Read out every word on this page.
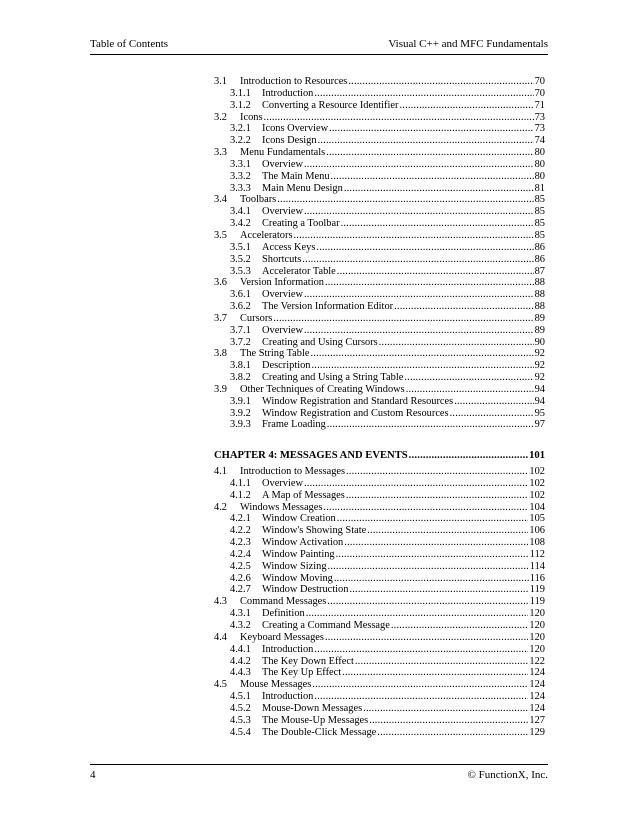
Table of Contents	Visual C++ and MFC Fundamentals
3.1	Introduction to Resources .....	70
3.1.1	Introduction .....	70
3.1.2	Converting a Resource Identifier .....	71
3.2	Icons .....	73
3.2.1	Icons Overview .....	73
3.2.2	Icons Design .....	74
3.3	Menu Fundamentals .....	80
3.3.1	Overview .....	80
3.3.2	The Main Menu .....	80
3.3.3	Main Menu Design .....	81
3.4	Toolbars .....	85
3.4.1	Overview .....	85
3.4.2	Creating a Toolbar .....	85
3.5	Accelerators .....	85
3.5.1	Access Keys .....	86
3.5.2	Shortcuts .....	86
3.5.3	Accelerator Table .....	87
3.6	Version Information .....	88
3.6.1	Overview .....	88
3.6.2	The Version Information Editor .....	88
3.7	Cursors .....	89
3.7.1	Overview .....	89
3.7.2	Creating and Using Cursors .....	90
3.8	The String Table .....	92
3.8.1	Description .....	92
3.8.2	Creating and Using a String Table .....	92
3.9	Other Techniques of Creating Windows .....	94
3.9.1	Window Registration and Standard Resources .....	94
3.9.2	Window Registration and Custom Resources .....	95
3.9.3	Frame Loading .....	97
CHAPTER 4: MESSAGES AND EVENTS .....	101
4.1	Introduction to Messages .....	102
4.1.1	Overview .....	102
4.1.2	A Map of Messages .....	102
4.2	Windows Messages .....	104
4.2.1	Window Creation .....	105
4.2.2	Window's Showing State .....	106
4.2.3	Window Activation .....	108
4.2.4	Window Painting .....	112
4.2.5	Window Sizing .....	114
4.2.6	Window Moving .....	116
4.2.7	Window Destruction .....	119
4.3	Command Messages .....	119
4.3.1	Definition .....	120
4.3.2	Creating a Command Message .....	120
4.4	Keyboard Messages .....	120
4.4.1	Introduction .....	120
4.4.2	The Key Down Effect .....	122
4.4.3	The Key Up Effect .....	124
4.5	Mouse Messages .....	124
4.5.1	Introduction .....	124
4.5.2	Mouse-Down Messages .....	124
4.5.3	The Mouse-Up Messages .....	127
4.5.4	The Double-Click Message .....	129
4	© FunctionX, Inc.
